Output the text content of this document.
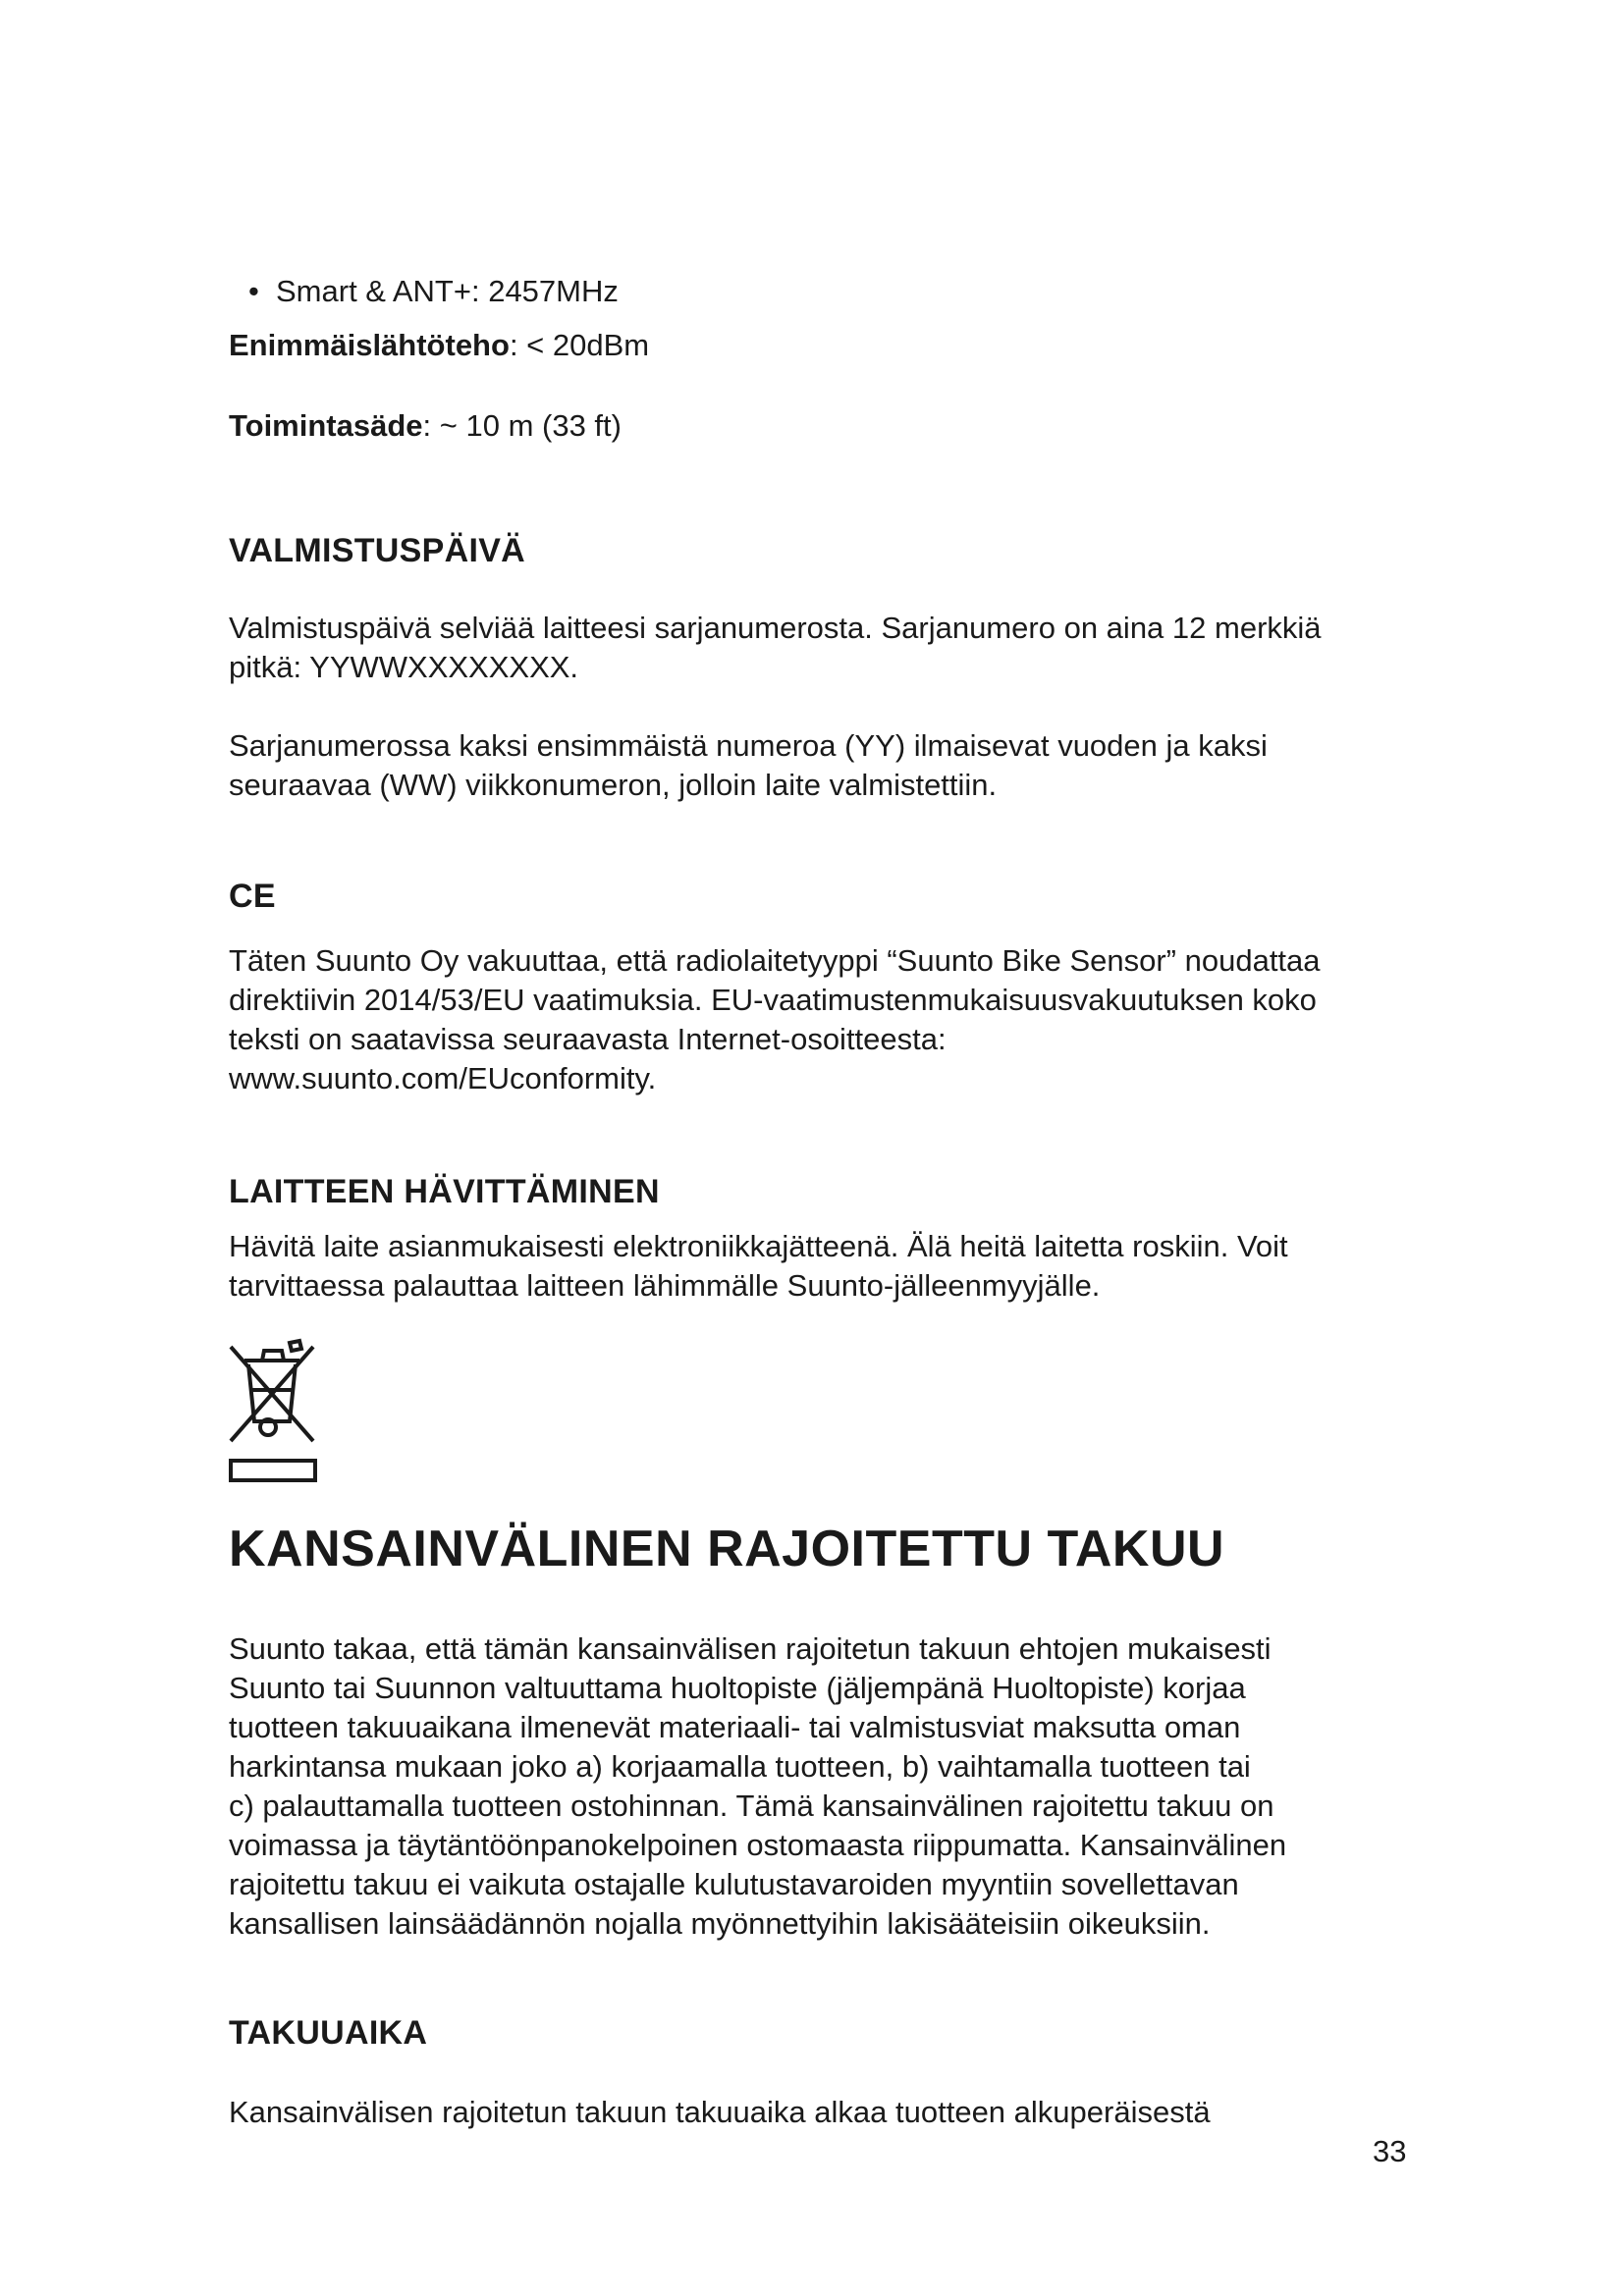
• Smart & ANT+: 2457MHz

Enimmäislähtöteho: < 20dBm

Toimintasäde: ~ 10 m (33 ft)

VALMISTUSPÄIVÄ

Valmistuspäivä selviää laitteesi sarjanumerosta. Sarjanumero on aina 12 merkkiä

pitkä: YYWWXXXXXXXX.

Sarjanumerossa kaksi ensimmäistä numeroa (YY) ilmaisevat vuoden ja kaksi

seuraavaa (WW) viikkonumeron, jolloin laite valmistettiin.

CE

Täten Suunto Oy vakuuttaa, että radiolaitetyyppi “Suunto Bike Sensor” noudattaa

direktiivin 2014/53/EU vaatimuksia. EU-vaatimustenmukaisuusvakuutuksen koko

teksti on saatavissa seuraavasta Internet-osoitteesta:

www.suunto.com/EUconformity.

LAITTEEN HÄVITTÄMINEN

Hävitä laite asianmukaisesti elektroniikkajätteenä. Älä heitä laitetta roskiin. Voit

tarvittaessa palauttaa laitteen lähimmälle Suunto-jälleenmyyjälle.

KANSAINVÄLINEN RAJOITETTU TAKUU

Suunto takaa, että tämän kansainvälisen rajoitetun takuun ehtojen mukaisesti

Suunto tai Suunnon valtuuttama huoltopiste (jäljempänä Huoltopiste) korjaa

tuotteen takuuaikana ilmenevät materiaali- tai valmistusviat maksutta oman

harkintansa mukaan joko a) korjaamalla tuotteen, b) vaihtamalla tuotteen tai

c) palauttamalla tuotteen ostohinnan. Tämä kansainvälinen rajoitettu takuu on

voimassa ja täytäntöönpanokelpoinen ostomaasta riippumatta. Kansainvälinen

rajoitettu takuu ei vaikuta ostajalle kulutustavaroiden myyntiin sovellettavan

kansallisen lainsäädännön nojalla myönnettyihin lakisääteisiin oikeuksiin.

TAKUUAIKA

Kansainvälisen rajoitetun takuun takuuaika alkaa tuotteen alkuperäisestä

33
